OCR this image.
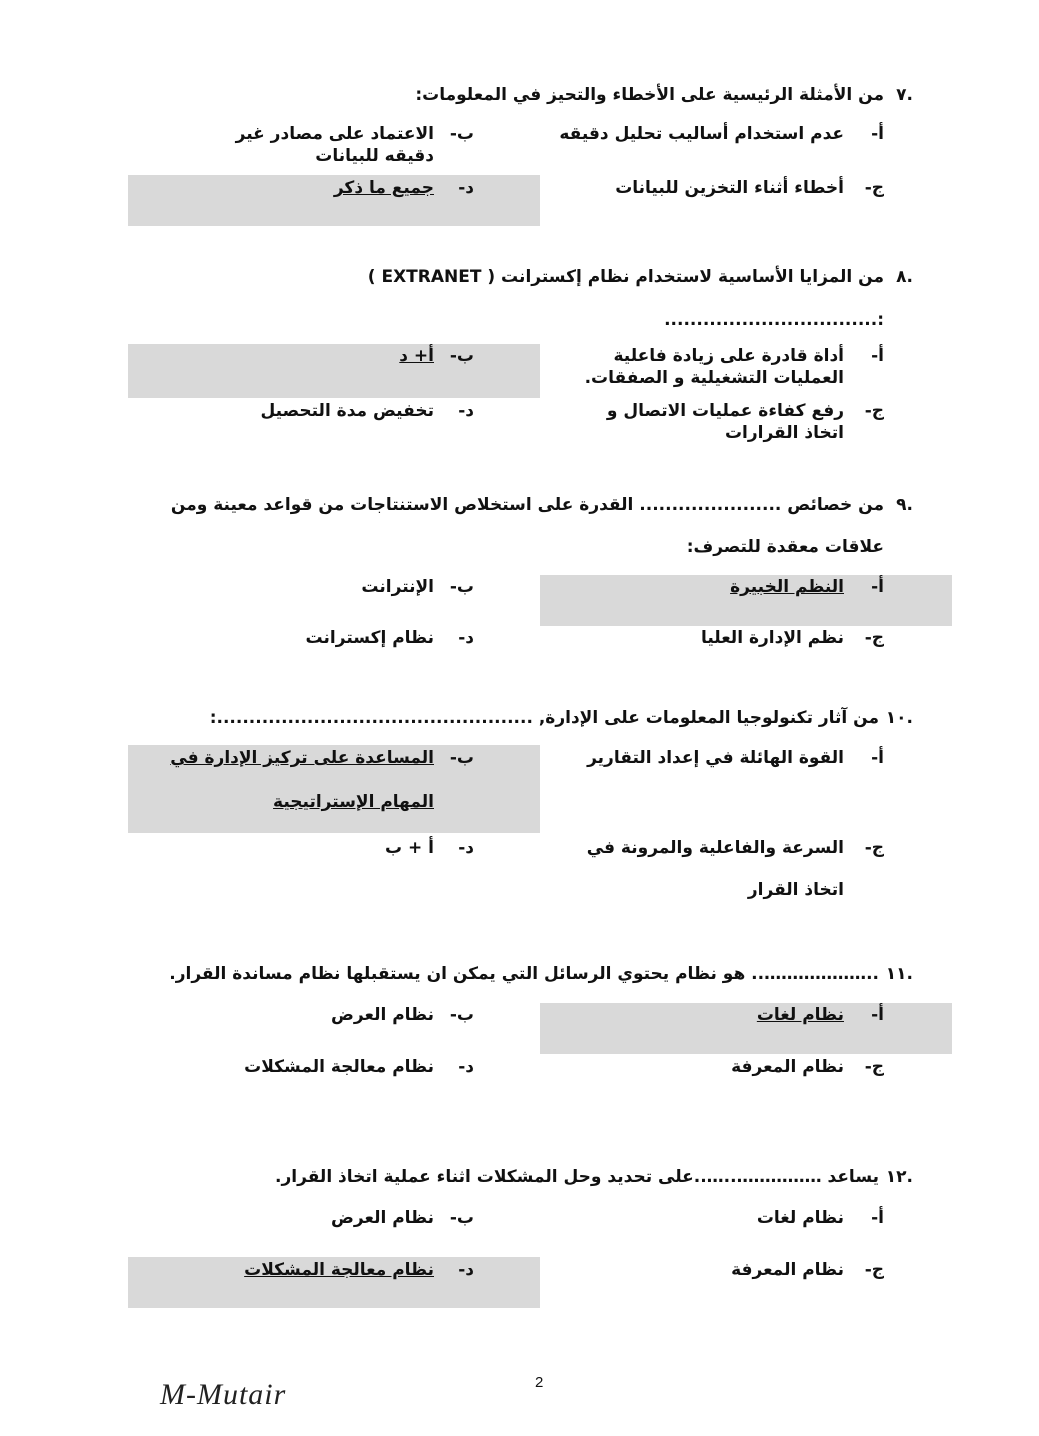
.٧
من الأمثلة الرئيسية على الأخطاء والتحيز في المعلومات:
أ-
عدم استخدام أساليب تحليل دقيقه
ب-
الاعتماد على مصادر غير دقيقه للبيانات
ج-
أخطاء أثناء التخزين للبيانات
د-
جميع ما ذكر
.٨
من المزايا الأساسية لاستخدام نظام إكسترانت ( EXTRANET )
:.................................
أ-
أداة قادرة على زيادة فاعلية العمليات التشغيلية و الصفقات.
ب-
أ+ د
ج-
رفع كفاءة عمليات الاتصال و اتخاذ القرارات
د-
تخفيض مدة التحصيل
.٩
من خصائص ...................... القدرة على استخلاص الاستنتاجات من قواعد معينة ومن
علاقات معقدة للتصرف:
أ-
النظم الخبيرة
ب-
الإنترانت
ج-
نظم الإدارة العليا
د-
نظام إكسترانت
.١٠
من آثار تكنولوجيا المعلومات على الإدارة, .................................................:
أ-
القوة الهائلة في إعداد التقارير
ب-
المساعدة على تركيز الإدارة في
المهام الإستراتيجية
ج-
السرعة والفاعلية والمرونة في
اتخاذ القرار
د-
أ + ب
.١١
..……………….. هو نظام يحتوي الرسائل التي يمكن ان يستقبلها نظام مساندة القرار.
أ-
نظام لغات
ب-
نظام العرض
ج-
نظام المعرفة
د-
نظام معالجة المشكلات
.١٢
يساعد ……………..…..على تحديد وحل المشكلات اثناء عملية اتخاذ القرار.
أ-
نظام لغات
ب-
نظام العرض
ج-
نظام المعرفة
د-
نظام معالجة المشكلات
2
M-Mutair
